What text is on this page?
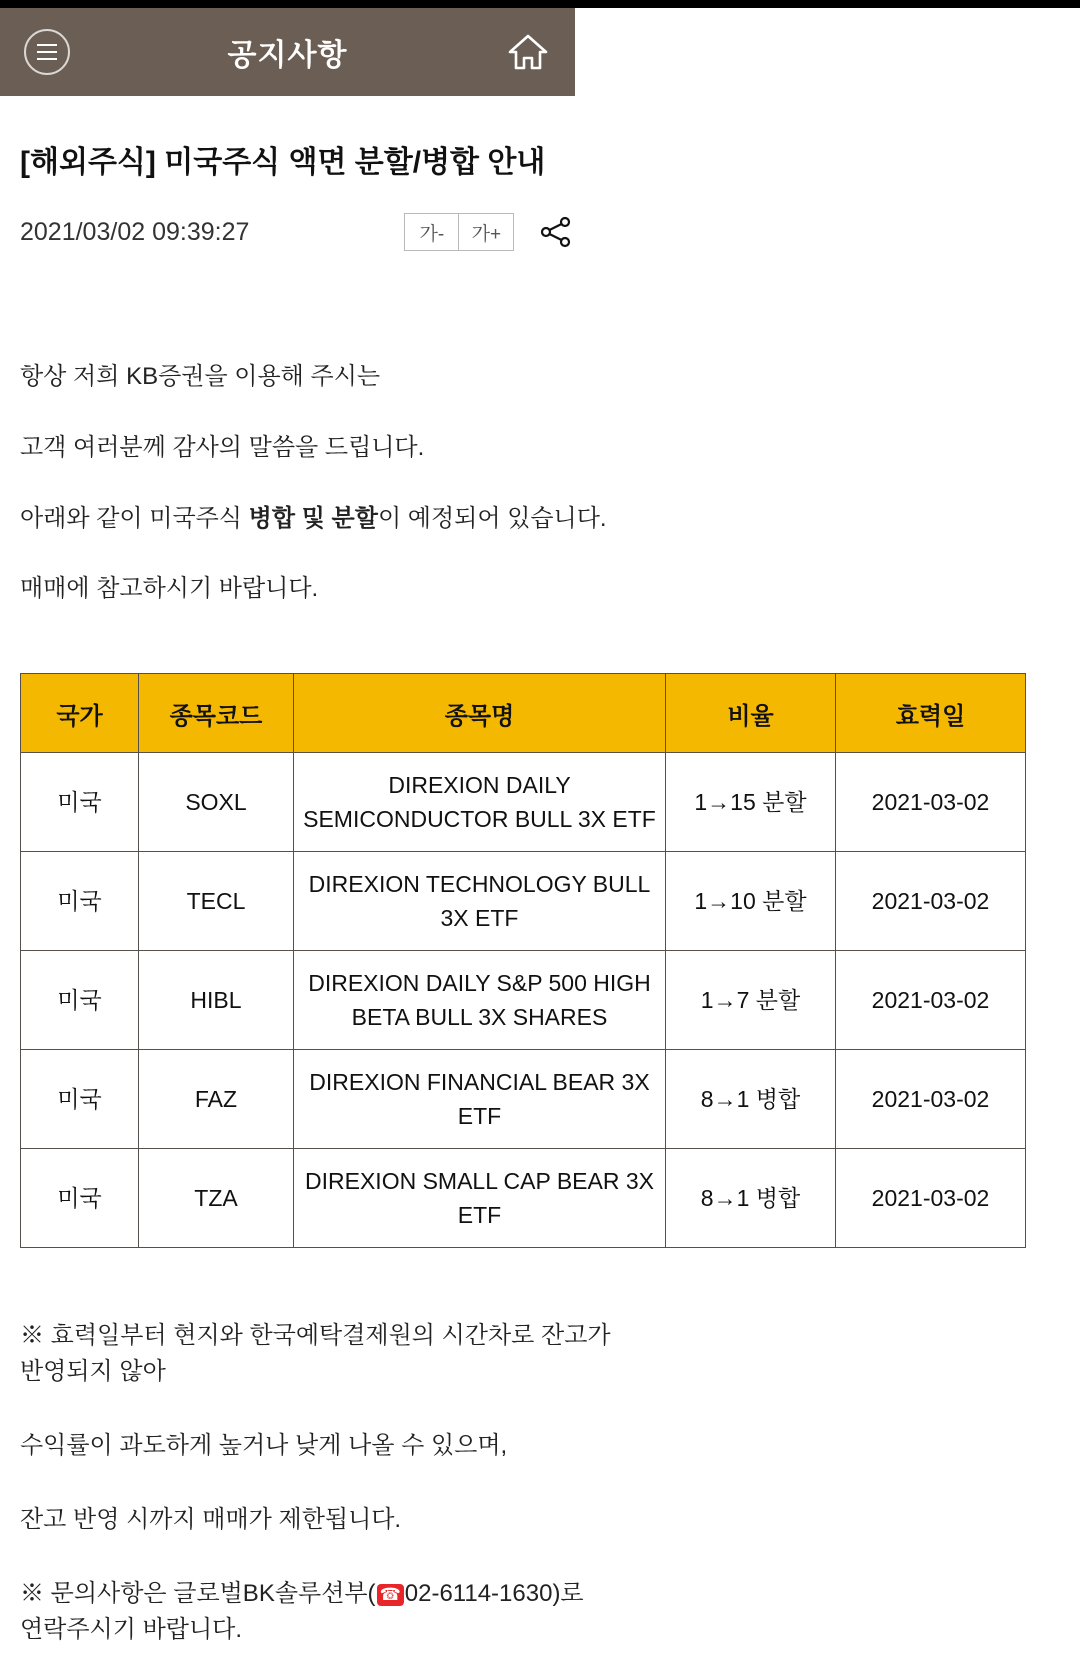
공지사항
[해외주식] 미국주식 액면 분할/병합 안내
2021/03/02 09:39:27	가-	가+

항상 저희 KB증권을 이용해 주시는

고객 여러분께 감사의 말씀을 드립니다.

아래와 같이 미국주식 병합 및 분할이 예정되어 있습니다.

매매에 참고하시기 바랍니다.

국가	종목코드	종목명	비율	효력일
미국	SOXL	DIREXION DAILY SEMICONDUCTOR BULL 3X ETF	1→15 분할	2021-03-02
미국	TECL	DIREXION TECHNOLOGY BULL 3X ETF	1→10 분할	2021-03-02
미국	HIBL	DIREXION DAILY S&P 500 HIGH BETA BULL 3X SHARES	1→7 분할	2021-03-02
미국	FAZ	DIREXION FINANCIAL BEAR 3X ETF	8→1 병합	2021-03-02
미국	TZA	DIREXION SMALL CAP BEAR 3X ETF	8→1 병합	2021-03-02

※ 효력일부터 현지와 한국예탁결제원의 시간차로 잔고가
반영되지 않아

수익률이 과도하게 높거나 낮게 나올 수 있으며,

잔고 반영 시까지 매매가 제한됩니다.

※ 문의사항은 글로벌BK솔루션부( ☎ 02-6114-1630)로
연락주시기 바랍니다.
